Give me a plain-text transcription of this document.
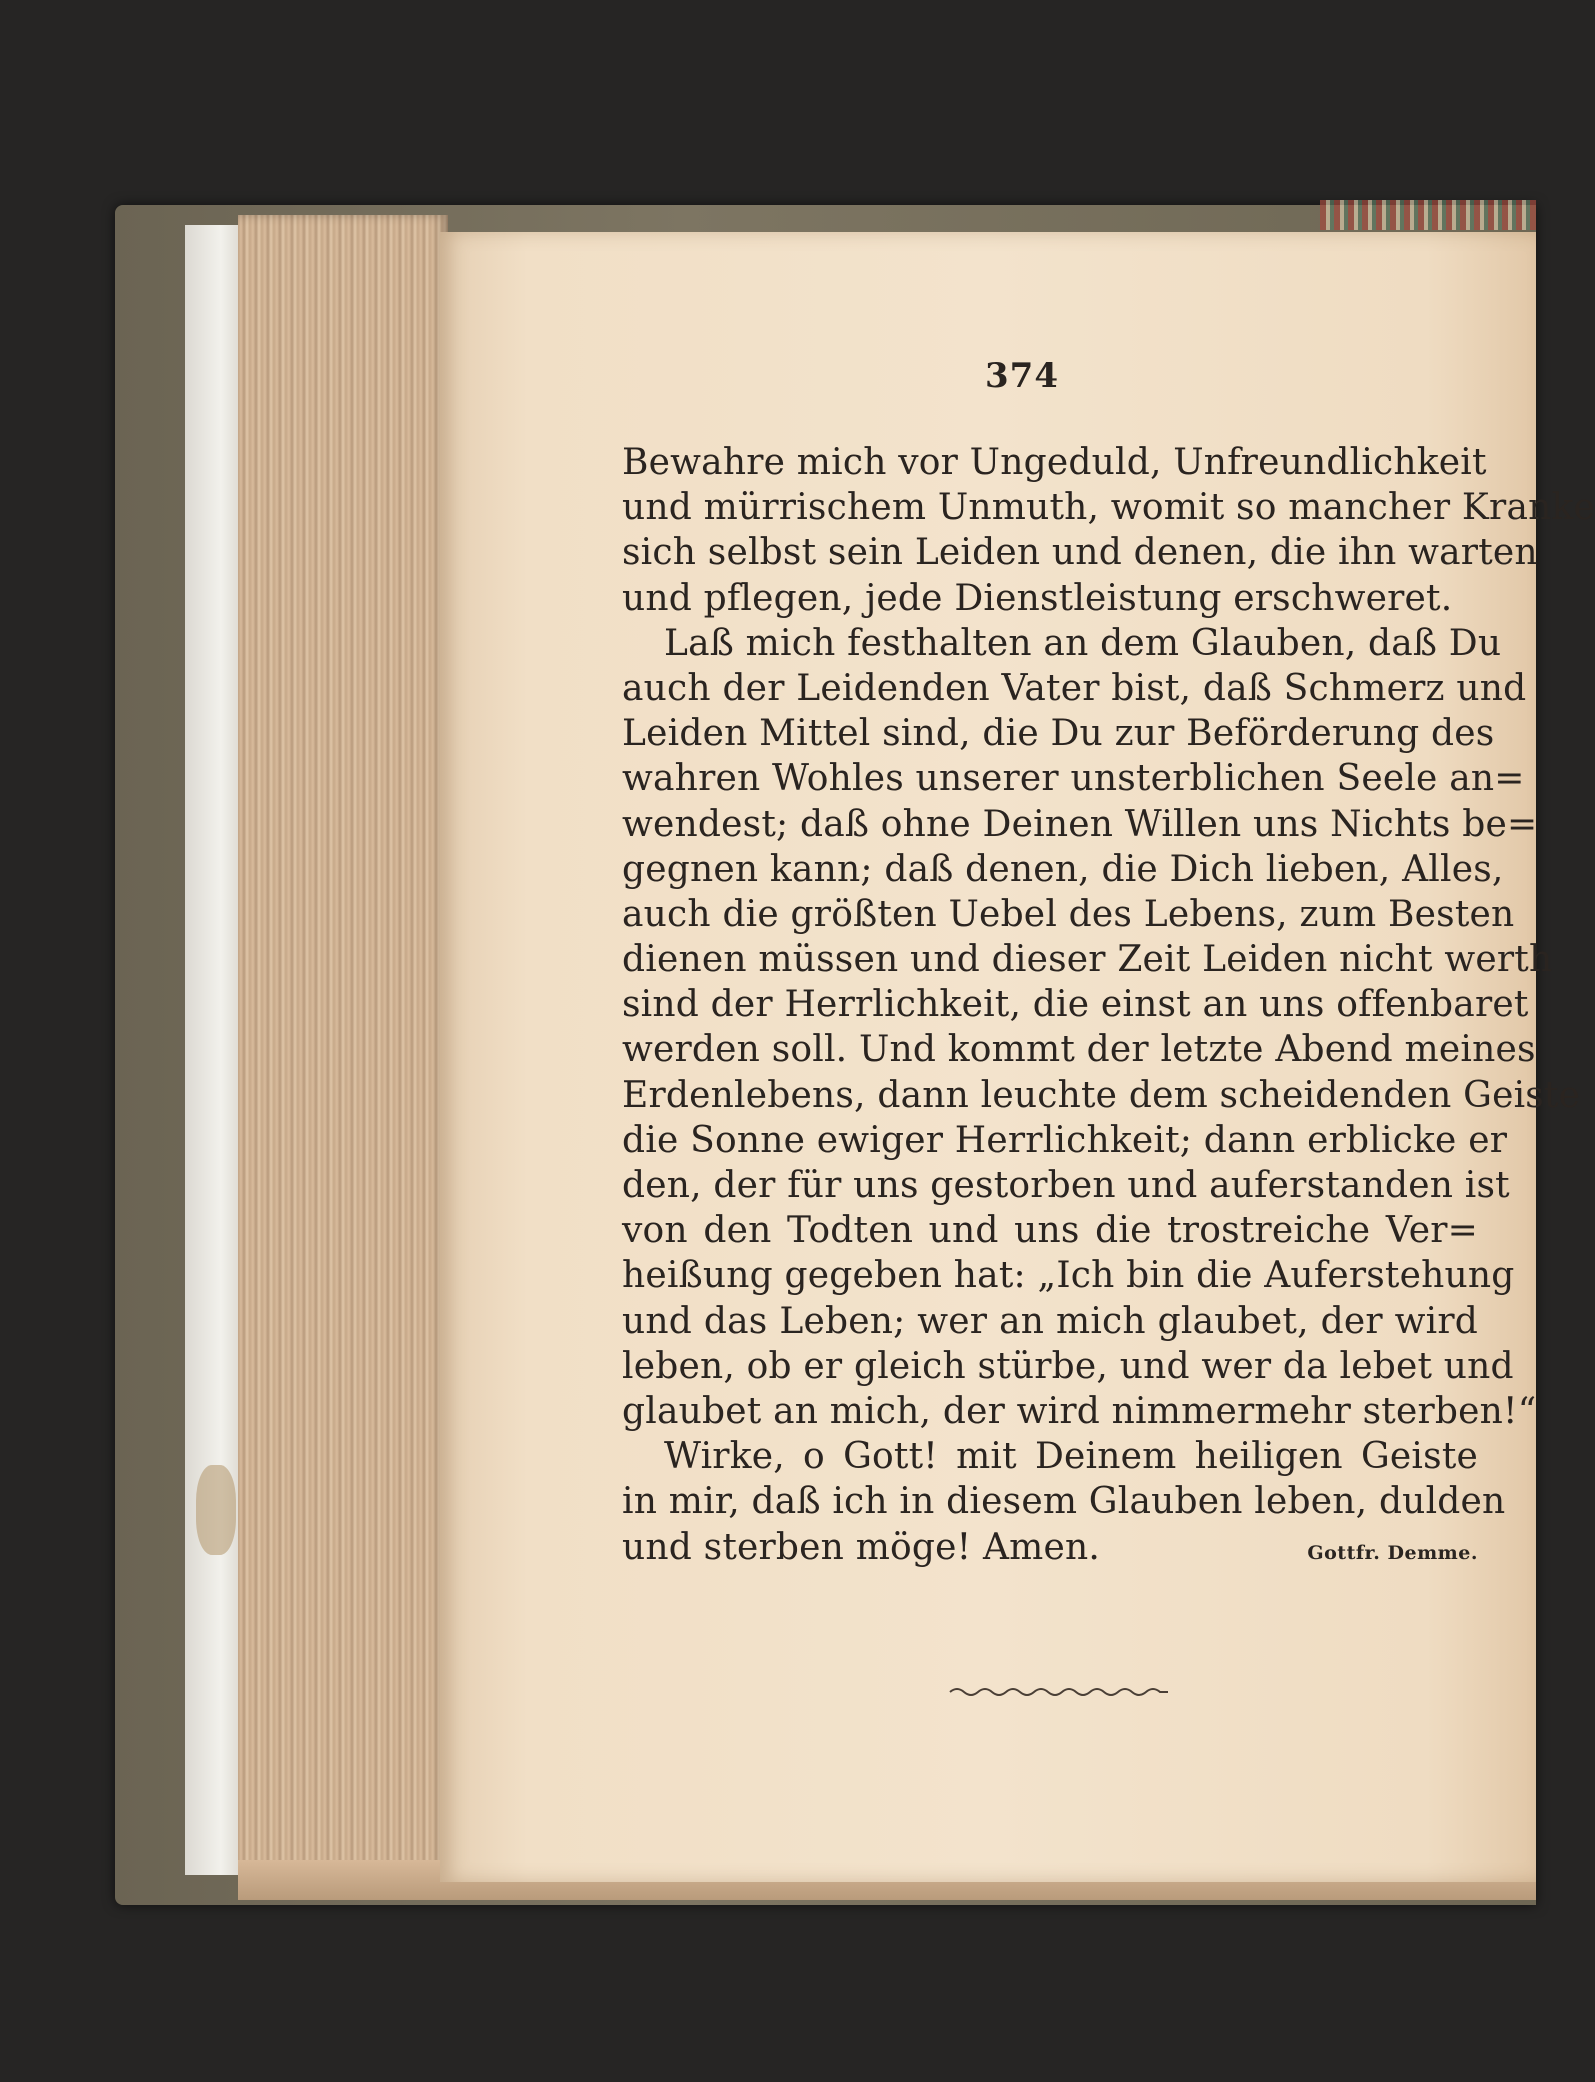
374
Bewahre mich vor Ungeduld, Unfreundlichkeit
und mürrischem Unmuth, womit so mancher Kranke
sich selbst sein Leiden und denen, die ihn warten
und pflegen, jede Dienstleistung erschweret.
Laß mich festhalten an dem Glauben, daß Du
auch der Leidenden Vater bist, daß Schmerz und
Leiden Mittel sind, die Du zur Beförderung des
wahren Wohles unserer unsterblichen Seele an=
wendest; daß ohne Deinen Willen uns Nichts be=
gegnen kann; daß denen, die Dich lieben, Alles,
auch die größten Uebel des Lebens, zum Besten
dienen müssen und dieser Zeit Leiden nicht werth
sind der Herrlichkeit, die einst an uns offenbaret
werden soll. Und kommt der letzte Abend meines
Erdenlebens, dann leuchte dem scheidenden Geiste
die Sonne ewiger Herrlichkeit; dann erblicke er
den, der für uns gestorben und auferstanden ist
von den Todten und uns die trostreiche Ver=
heißung gegeben hat: „Ich bin die Auferstehung
und das Leben; wer an mich glaubet, der wird
leben, ob er gleich stürbe, und wer da lebet und
glaubet an mich, der wird nimmermehr sterben!“
Wirke, o Gott! mit Deinem heiligen Geiste
in mir, daß ich in diesem Glauben leben, dulden
und sterben möge! Amen.	Gottfr. Demme.
